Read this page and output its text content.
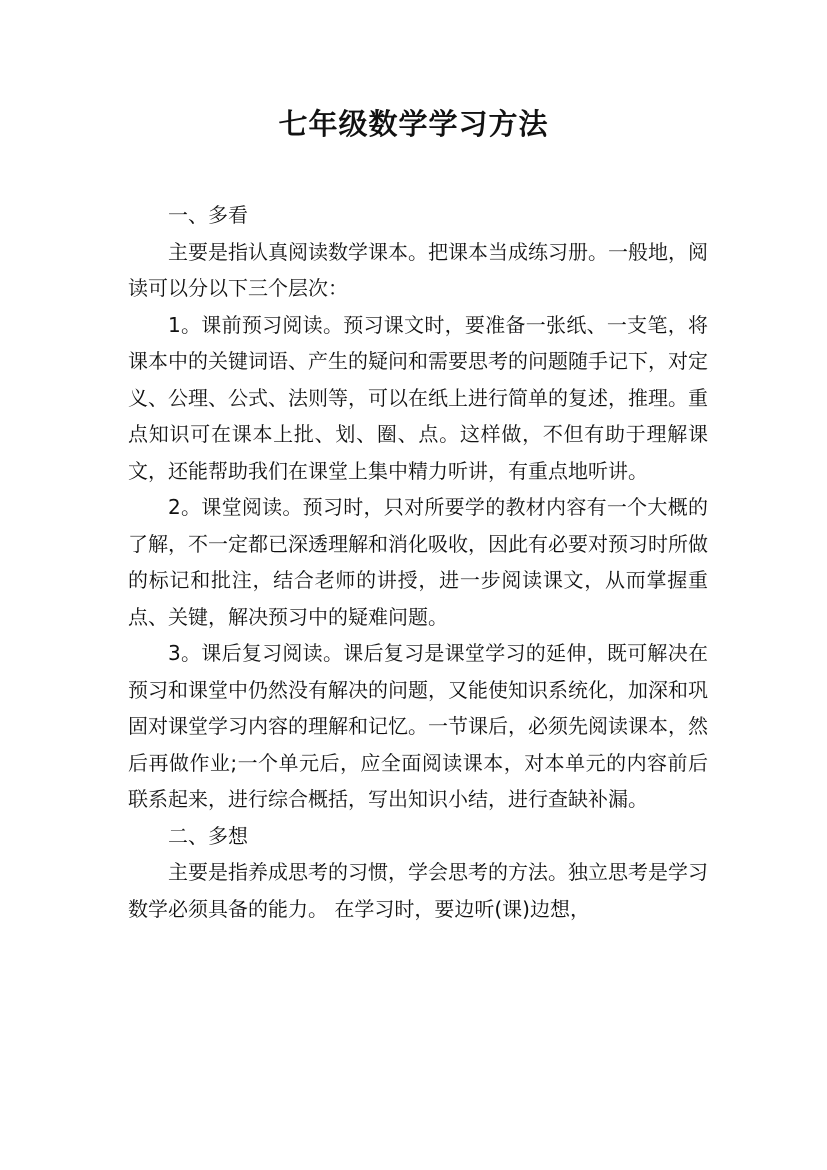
七年级数学学习方法

一、多看

主要是指认真阅读数学课本。把课本当成练习册。一般地，阅读可以分以下三个层次：

1。课前预习阅读。预习课文时，要准备一张纸、一支笔，将课本中的关键词语、产生的疑问和需要思考的问题随手记下，对定义、公理、公式、法则等，可以在纸上进行简单的复述，推理。重点知识可在课本上批、划、圈、点。这样做，不但有助于理解课文，还能帮助我们在课堂上集中精力听讲，有重点地听讲。

2。课堂阅读。预习时，只对所要学的教材内容有一个大概的了解，不一定都已深透理解和消化吸收，因此有必要对预习时所做的标记和批注，结合老师的讲授，进一步阅读课文，从而掌握重点、关键，解决预习中的疑难问题。

3。课后复习阅读。课后复习是课堂学习的延伸，既可解决在预习和课堂中仍然没有解决的问题，又能使知识系统化，加深和巩固对课堂学习内容的理解和记忆。一节课后，必须先阅读课本，然后再做作业;一个单元后，应全面阅读课本，对本单元的内容前后联系起来，进行综合概括，写出知识小结，进行查缺补漏。

二、多想

主要是指养成思考的习惯，学会思考的方法。独立思考是学习数学必须具备的能力。 在学习时，要边听(课)边想，
